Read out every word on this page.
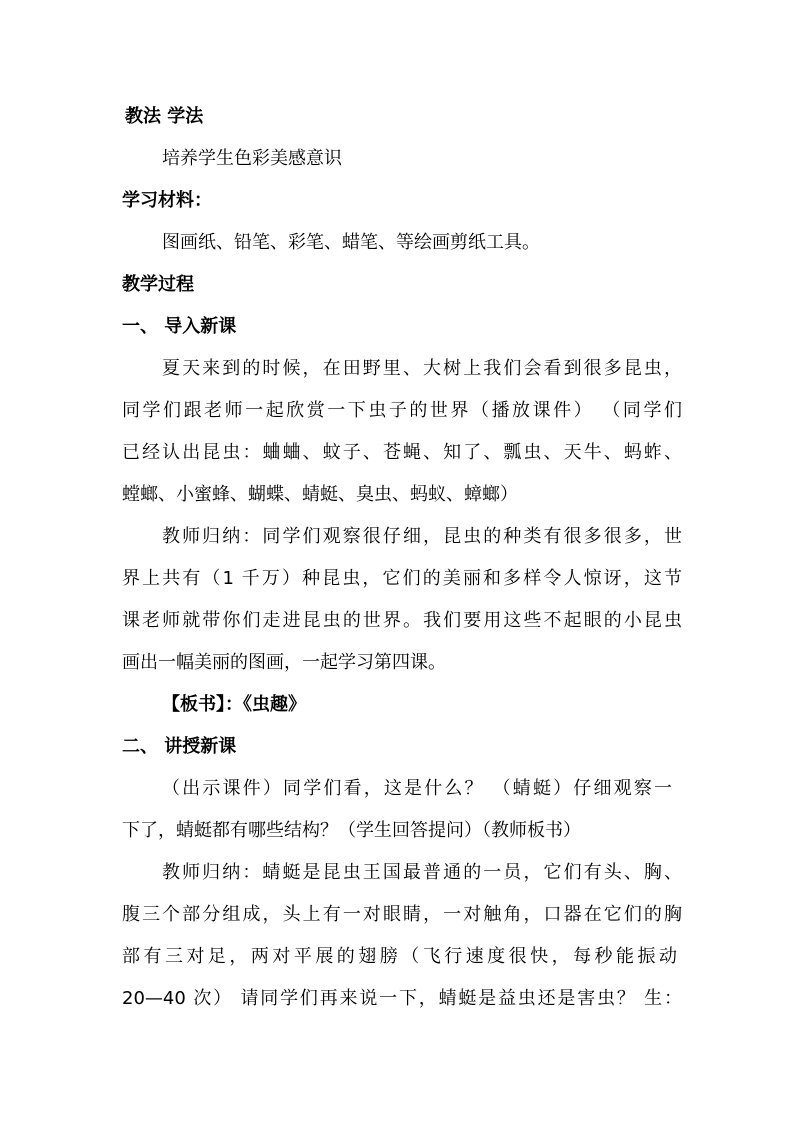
教法 学法
培养学生色彩美感意识
学习材料：
图画纸、铅笔、彩笔、蜡笔、等绘画剪纸工具。
教学过程
一、 导入新课
夏天来到的时候，在田野里、大树上我们会看到很多昆虫，
同学们跟老师一起欣赏一下虫子的世界（播放课件） （同学们
已经认出昆虫：蛐蛐、蚊子、苍蝇、知了、瓢虫、天牛、蚂蚱、
螳螂、小蜜蜂、蝴蝶、蜻蜓、臭虫、蚂蚁、蟑螂）
教师归纳：同学们观察很仔细，昆虫的种类有很多很多，世
界上共有（1 千万）种昆虫，它们的美丽和多样令人惊讶，这节
课老师就带你们走进昆虫的世界。我们要用这些不起眼的小昆虫
画出一幅美丽的图画，一起学习第四课。
【板书】：《虫趣》
二、 讲授新课
（出示课件）同学们看，这是什么？ （蜻蜓）仔细观察一
下了，蜻蜓都有哪些结构？（学生回答提问）（教师板书）
教师归纳：蜻蜓是昆虫王国最普通的一员，它们有头、胸、
腹三个部分组成，头上有一对眼睛，一对触角，口器在它们的胸
部有三对足，两对平展的翅膀（飞行速度很快，每秒能振动
20—40 次） 请同学们再来说一下，蜻蜓是益虫还是害虫？ 生：
